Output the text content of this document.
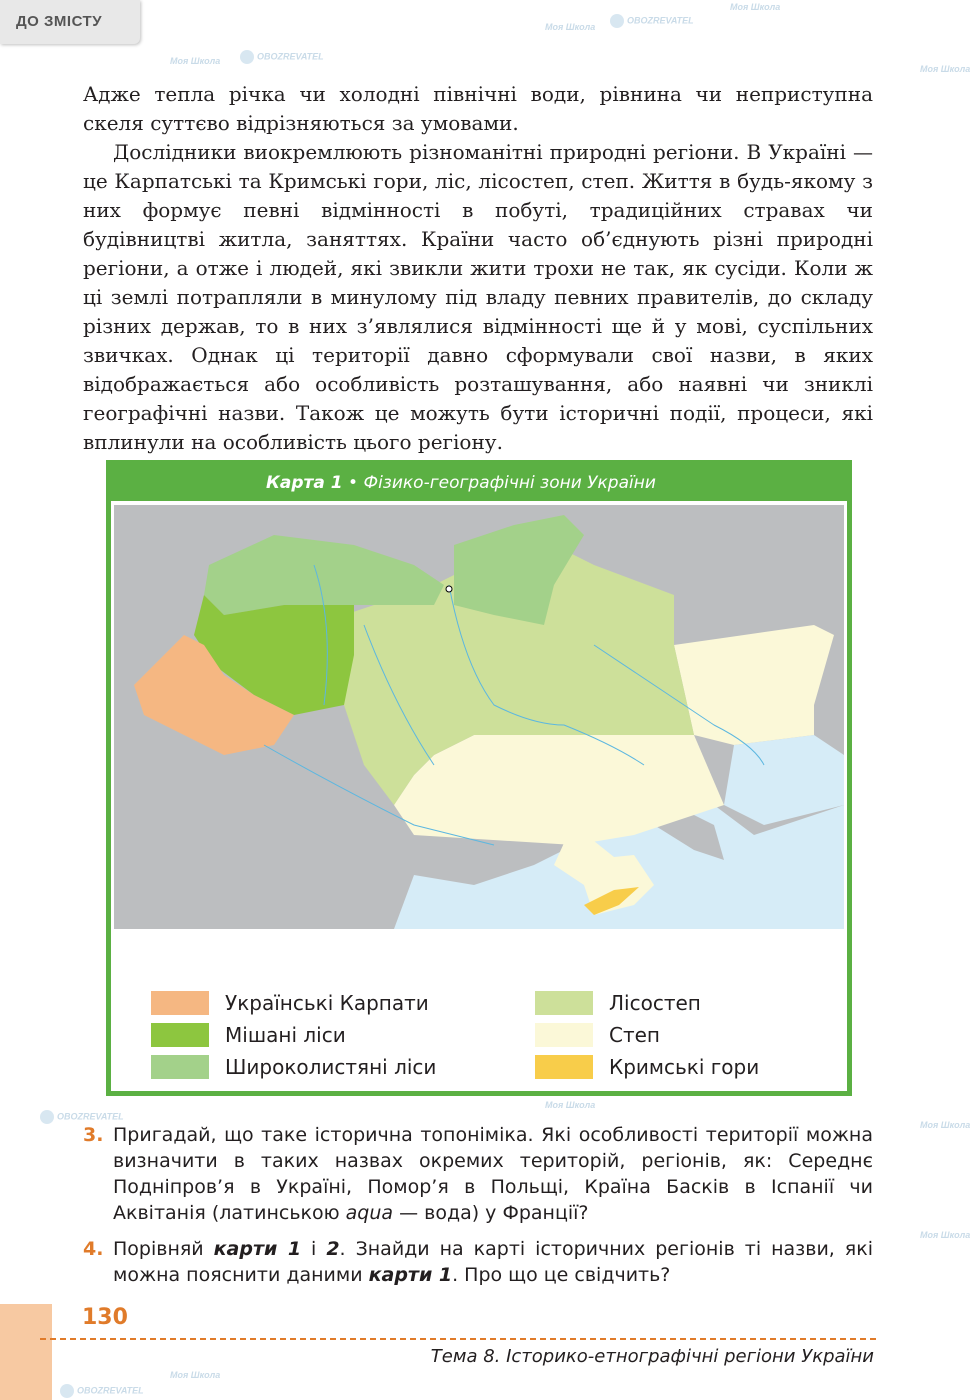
Моя Школа	OBOZREVATEL
Моя Школа
OBOZREVATEL
Моя Школа
Моя Школа
Моя Школа
Моя Школа
OBOZREVATEL
Моя Школа
Моя Школа
OBOZREVATEL
ДО ЗМІСТУ

Адже тепла річка чи холодні північні води, рівнина чи неприступна скеля суттєво відрізняються за умовами.

Дослідники виокремлюють різноманітні природні регіони. В Україні — це Карпатські та Кримські гори, ліс, лісостеп, степ. Життя в будь-якому з них формує певні відмінності в побуті, традиційних стравах чи будівництві житла, заняттях. Країни часто об’єднують різні природні регіони, а отже і людей, які звикли жити трохи не так, як сусіди. Коли ж ці землі потрапляли в минулому під владу певних правителів, до складу різних держав, то в них з’являлися відмінності ще й у мові, суспільних звичках. Однак ці території давно сформували свої назви, в яких відображається або особливість розташування, або наявні чи зниклі географічні назви. Також це можуть бути історичні події, процеси, які вплинули на особливість цього регіону.

Карта 1 • Фізико-географічні зони України
Українські Карпати
Мішані ліси
Широколистяні ліси
Лісостеп
Степ
Кримські гори
3. Пригадай, що таке історична топоніміка. Які особливості території можна визначити в таких назвах окремих територій, регіонів, як: Середнє Подніпров’я в Україні, Помор’я в Польщі, Країна Басків в Іспанії чи Аквітанія (латинською aqua — вода) у Франції?
4. Порівняй карти 1 і 2. Знайди на карті історичних регіонів ті назви, які можна пояснити даними карти 1. Про що це свідчить?
130
Тема 8. Історико-етнографічні регіони України
